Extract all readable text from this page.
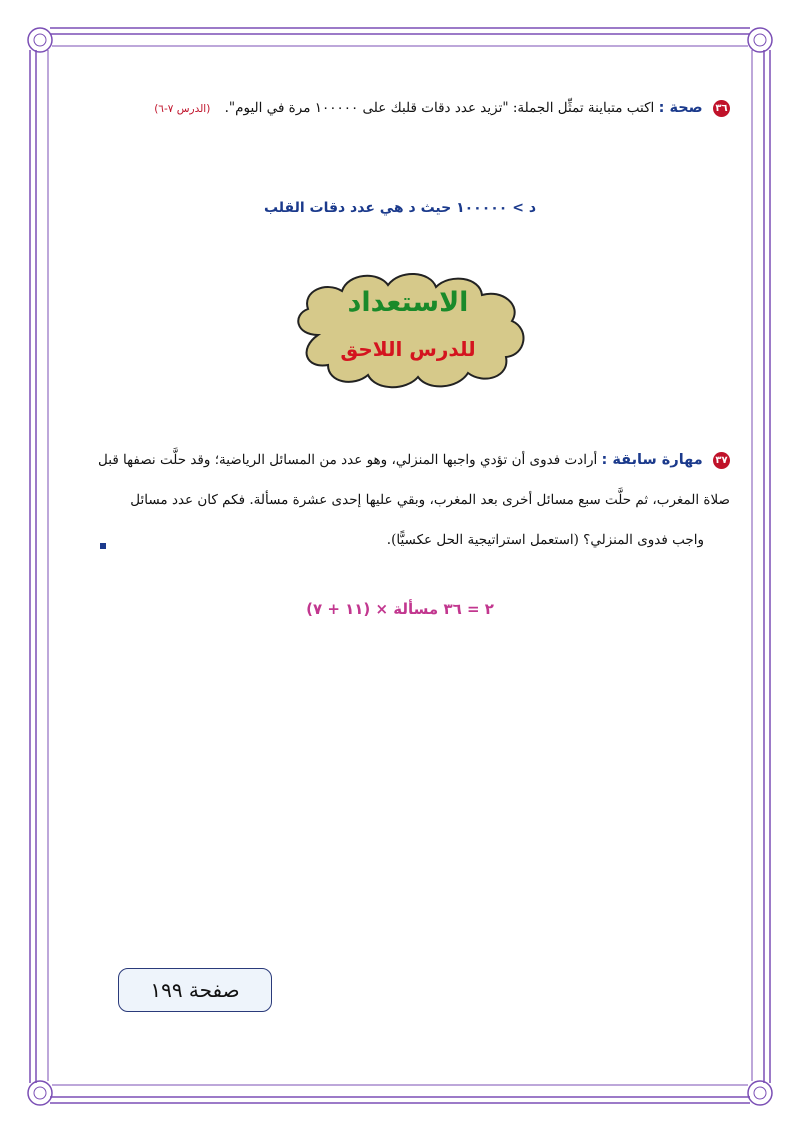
٣٦ صحة : اكتب متباينة تمثِّل الجملة: "تزيد عدد دقات قلبك على ١٠٠٠٠٠ مرة في اليوم". (الدرس ٧-٦)
د > ١٠٠٠٠٠ حيث د هي عدد دقات القلب
الاستعداد
للدرس اللاحق
٣٧ مهارة سابقة : أرادت فدوى أن تؤدي واجبها المنزلي، وهو عدد من المسائل الرياضية؛ وقد حلَّت نصفها قبل
صلاة المغرب، ثم حلَّت سبع مسائل أخرى بعد المغرب، وبقي عليها إحدى عشرة مسألة. فكم كان عدد مسائل
واجب فدوى المنزلي؟ (استعمل استراتيجية الحل عكسيًّا).
(١١ + ٧) × ٢ = ٣٦ مسألة
صفحة ١٩٩
